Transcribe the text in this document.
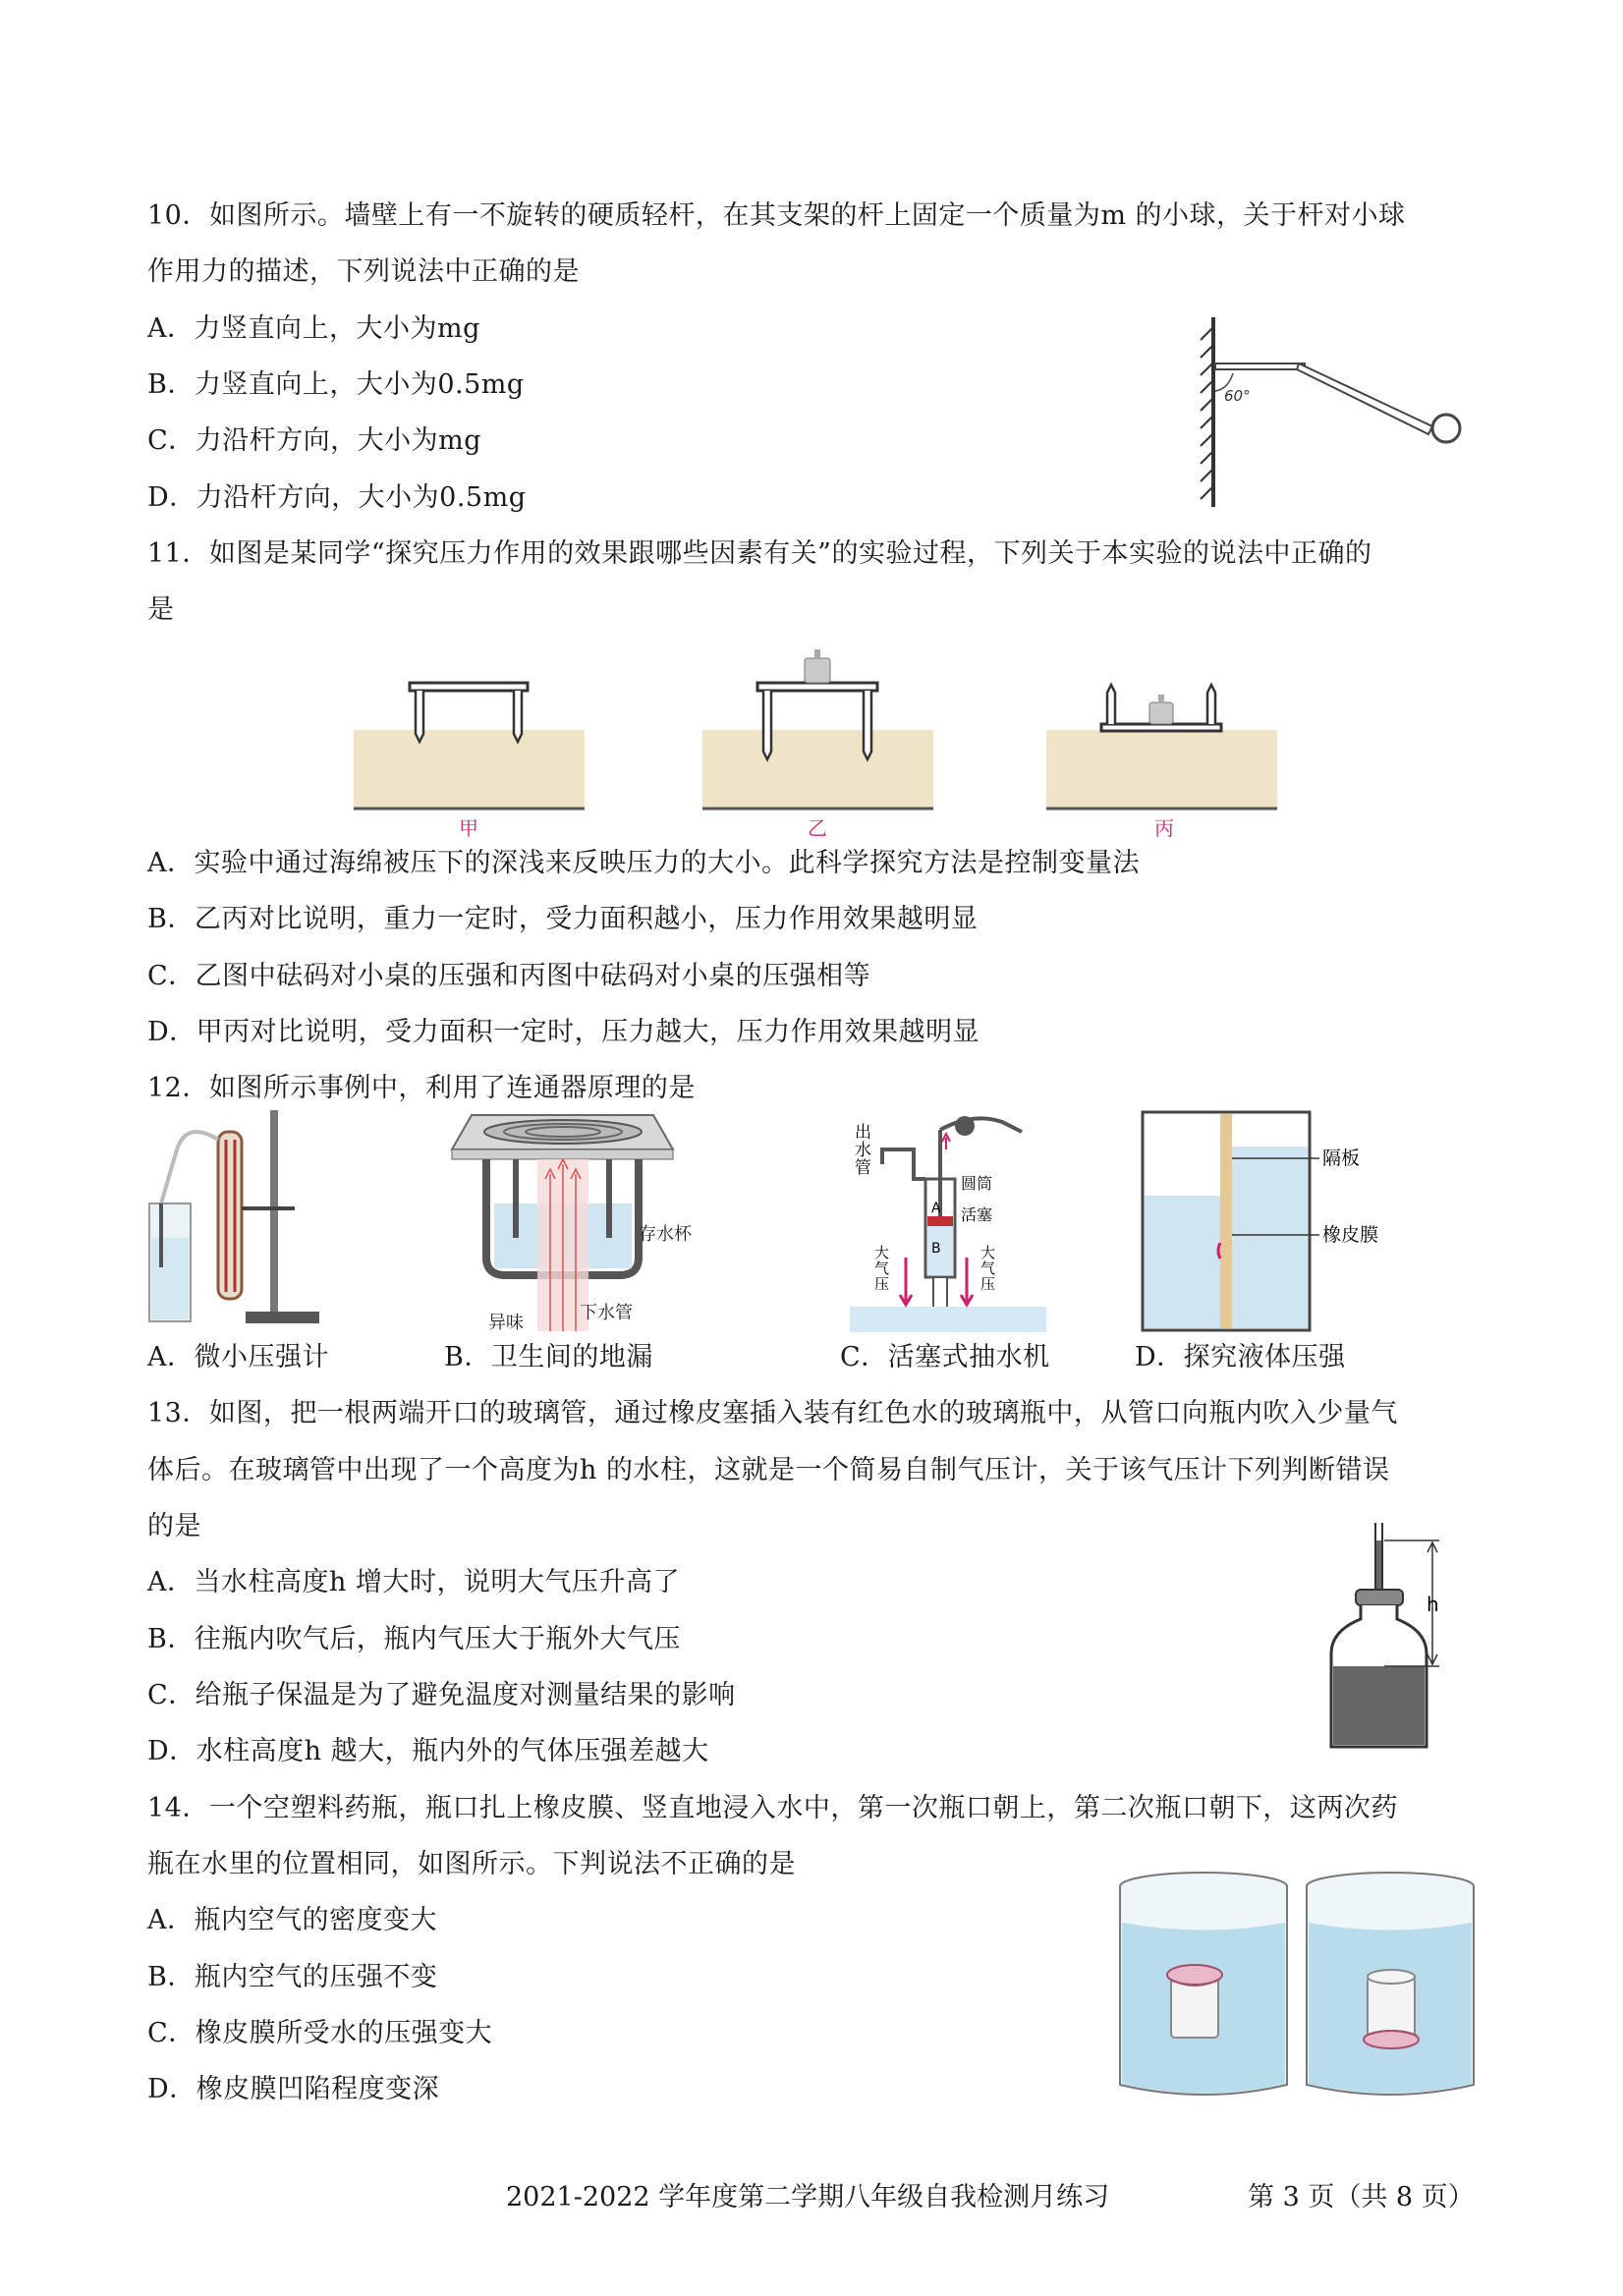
10．如图所示。墙壁上有一不旋转的硬质轻杆，在其支架的杆上固定一个质量为m 的小球，关于杆对小球
作用力的描述，下列说法中正确的是
A．力竖直向上，大小为mg
B．力竖直向上，大小为0.5mg
C．力沿杆方向，大小为mg
D．力沿杆方向，大小为0.5mg
60°
11．如图是某同学“探究压力作用的效果跟哪些因素有关”的实验过程，下列关于本实验的说法中正确的
是
甲	乙	丙
A．实验中通过海绵被压下的深浅来反映压力的大小。此科学探究方法是控制变量法
B．乙丙对比说明，重力一定时，受力面积越小，压力作用效果越明显
C．乙图中砝码对小桌的压强和丙图中砝码对小桌的压强相等
D．甲丙对比说明，受力面积一定时，压力越大，压力作用效果越明显
12．如图所示事例中，利用了连通器原理的是
A．微小压强计
存水杯
异味	下水管
B．卫生间的地漏
出
水
管
A
B
圆筒
活塞
大
气
压
大
气
压
C．活塞式抽水机
隔板
橡皮膜
D．探究液体压强
13．如图，把一根两端开口的玻璃管，通过橡皮塞插入装有红色水的玻璃瓶中，从管口向瓶内吹入少量气
体后。在玻璃管中出现了一个高度为h 的水柱，这就是一个简易自制气压计，关于该气压计下列判断错误
的是
A．当水柱高度h 增大时，说明大气压升高了
B．往瓶内吹气后，瓶内气压大于瓶外大气压
C．给瓶子保温是为了避免温度对测量结果的影响
D．水柱高度h 越大，瓶内外的气体压强差越大
h
14．一个空塑料药瓶，瓶口扎上橡皮膜、竖直地浸入水中，第一次瓶口朝上，第二次瓶口朝下，这两次药
瓶在水里的位置相同，如图所示。下判说法不正确的是
A．瓶内空气的密度变大
B．瓶内空气的压强不变
C．橡皮膜所受水的压强变大
D．橡皮膜凹陷程度变深
2021-2022 学年度第二学期八年级自我检测月练习	第 3 页（共 8 页）
